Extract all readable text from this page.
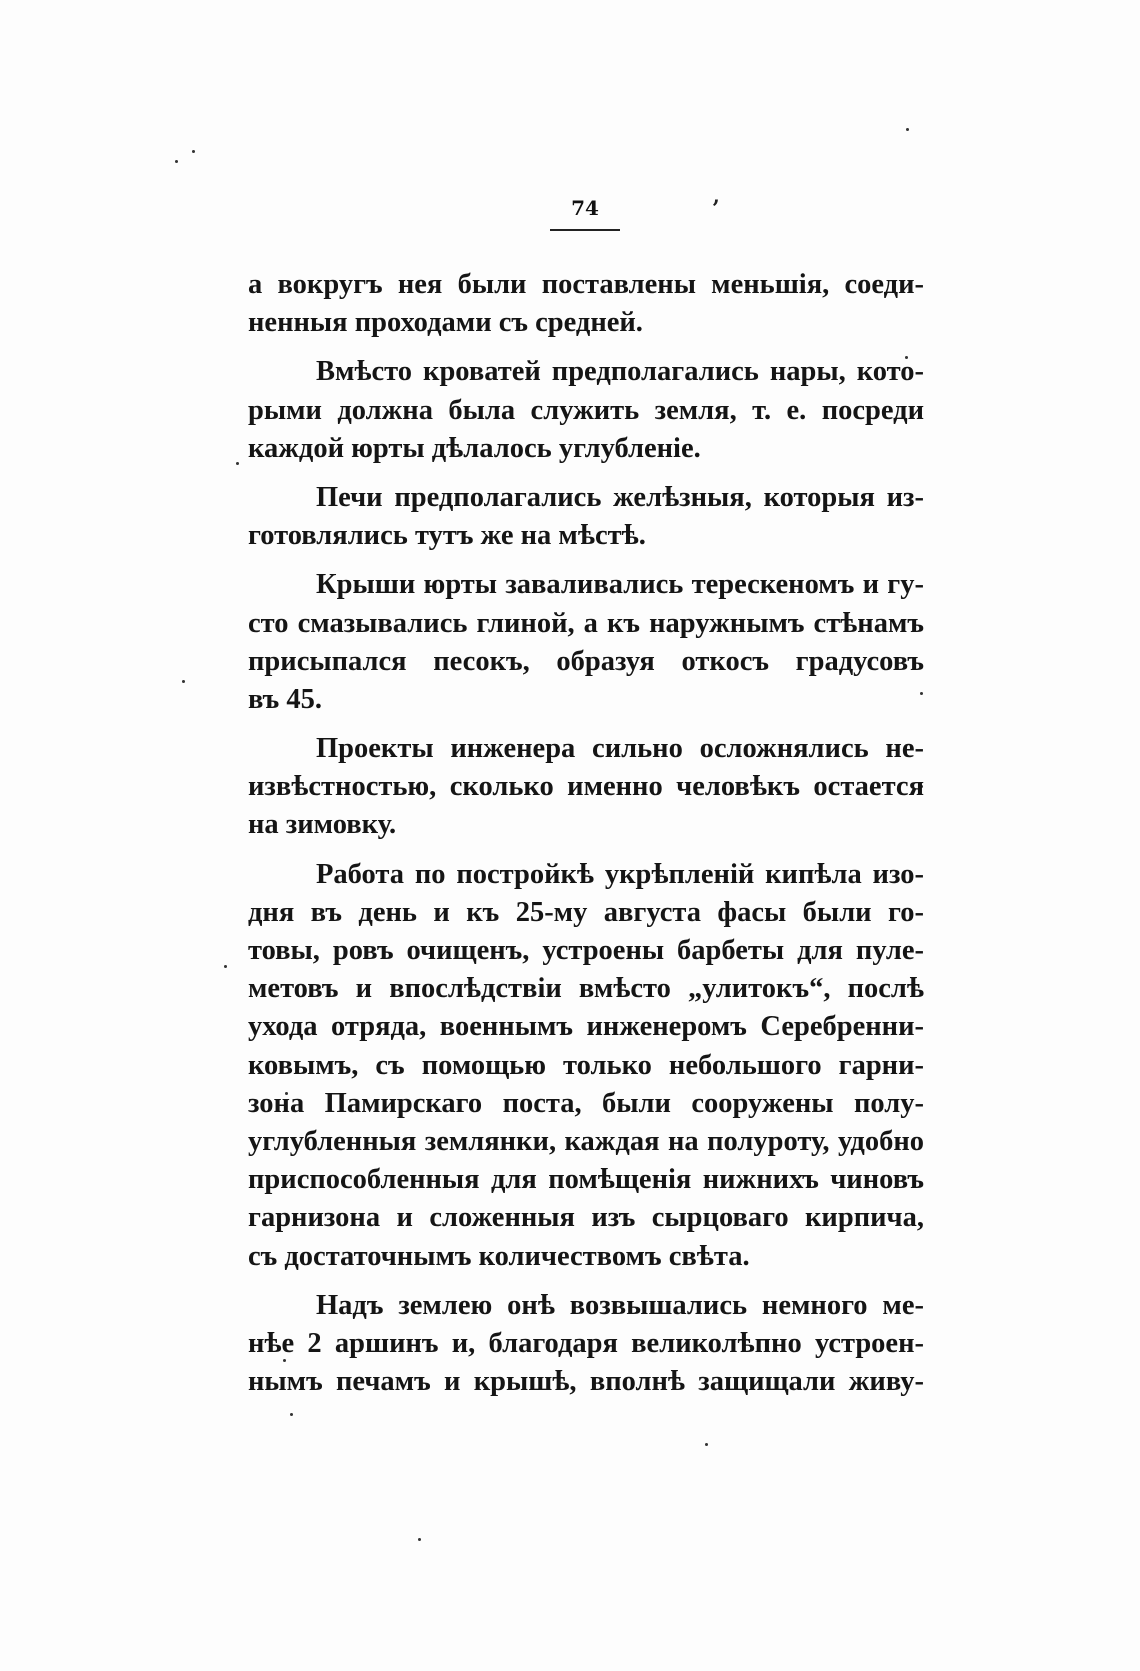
74	’
а вокругъ нея были поставлены меньшія, соеди-
ненныя проходами съ средней.
Вмѣсто кроватей предполагались нары, кото-
рыми должна была служить земля, т. е. посреди
каждой юрты дѣлалось углубленіе.
Печи предполагались желѣзныя, которыя из-
готовлялись тутъ же на мѣстѣ.
Крыши юрты заваливались терескеномъ и гу-
сто смазывались глиной, а къ наружнымъ стѣнамъ
присыпался песокъ, образуя откосъ градусовъ
въ 45.
Проекты инженера сильно осложнялись не-
извѣстностью, сколько именно человѣкъ остается
на зимовку.
Работа по постройкѣ укрѣпленій кипѣла изо-
дня въ день и къ 25-му августа фасы были го-
товы, ровъ очищенъ, устроены барбеты для пуле-
метовъ и впослѣдствіи вмѣсто „улитокъ“, послѣ
ухода отряда, военнымъ инженеромъ Серебренни-
ковымъ, съ помощью только небольшого гарни-
зона Памирскаго поста, были сооружены полу-
углубленныя землянки, каждая на полуроту, удобно
приспособленныя для помѣщенія нижнихъ чиновъ
гарнизона и сложенныя изъ сырцоваго кирпича,
съ достаточнымъ количествомъ свѣта.
Надъ землею онѣ возвышались немного ме-
нѣе 2 аршинъ и, благодаря великолѣпно устроен-
нымъ печамъ и крышѣ, вполнѣ защищали живу-
